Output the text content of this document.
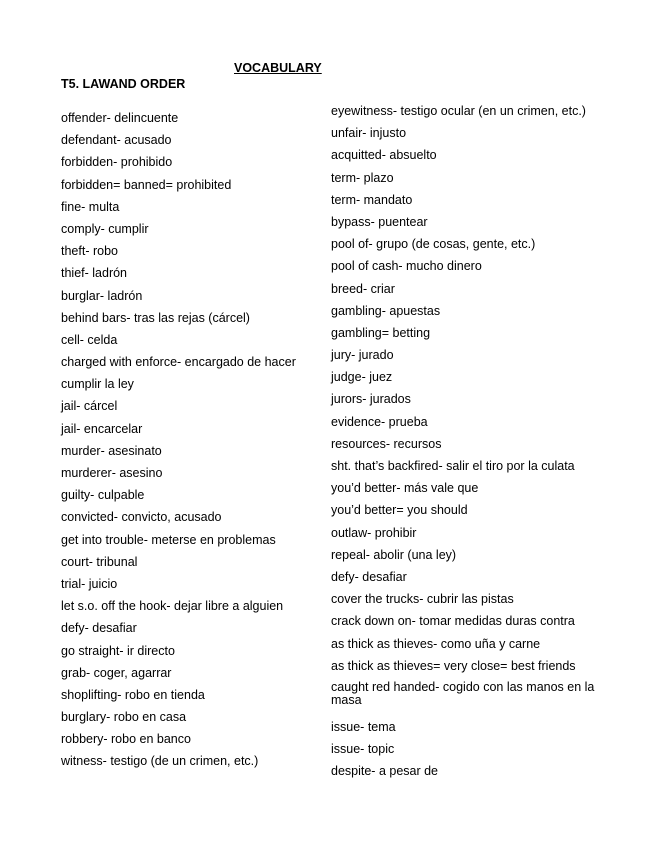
VOCABULARY
T5. LAWAND ORDER
offender- delincuente
defendant- acusado
forbidden- prohibido
forbidden= banned= prohibited
fine- multa
comply- cumplir
theft- robo
thief- ladrón
burglar- ladrón
behind bars- tras las rejas (cárcel)
cell- celda
charged with enforce- encargado de hacer
cumplir la ley
jail- cárcel
jail- encarcelar
murder- asesinato
murderer- asesino
guilty- culpable
convicted- convicto, acusado
get into trouble- meterse en problemas
court- tribunal
trial- juicio
let s.o. off the hook- dejar libre a alguien
defy- desafiar
go straight- ir directo
grab- coger, agarrar
shoplifting- robo en tienda
burglary- robo en casa
robbery- robo en banco
witness- testigo (de un crimen, etc.)
eyewitness- testigo ocular (en un crimen, etc.)
unfair- injusto
acquitted- absuelto
term- plazo
term- mandato
bypass- puentear
pool of- grupo (de cosas, gente, etc.)
pool of cash- mucho dinero
breed- criar
gambling- apuestas
gambling= betting
jury- jurado
judge- juez
jurors- jurados
evidence- prueba
resources- recursos
sht. that’s backfired- salir el tiro por la culata
you’d better- más vale que
you’d better= you should
outlaw- prohibir
repeal- abolir (una ley)
defy- desafiar
cover the trucks- cubrir las pistas
crack down on- tomar medidas duras contra
as thick as thieves- como uña y carne
as thick as thieves= very close= best friends
caught red handed- cogido con las manos en la masa
issue- tema
issue- topic
despite- a pesar de
